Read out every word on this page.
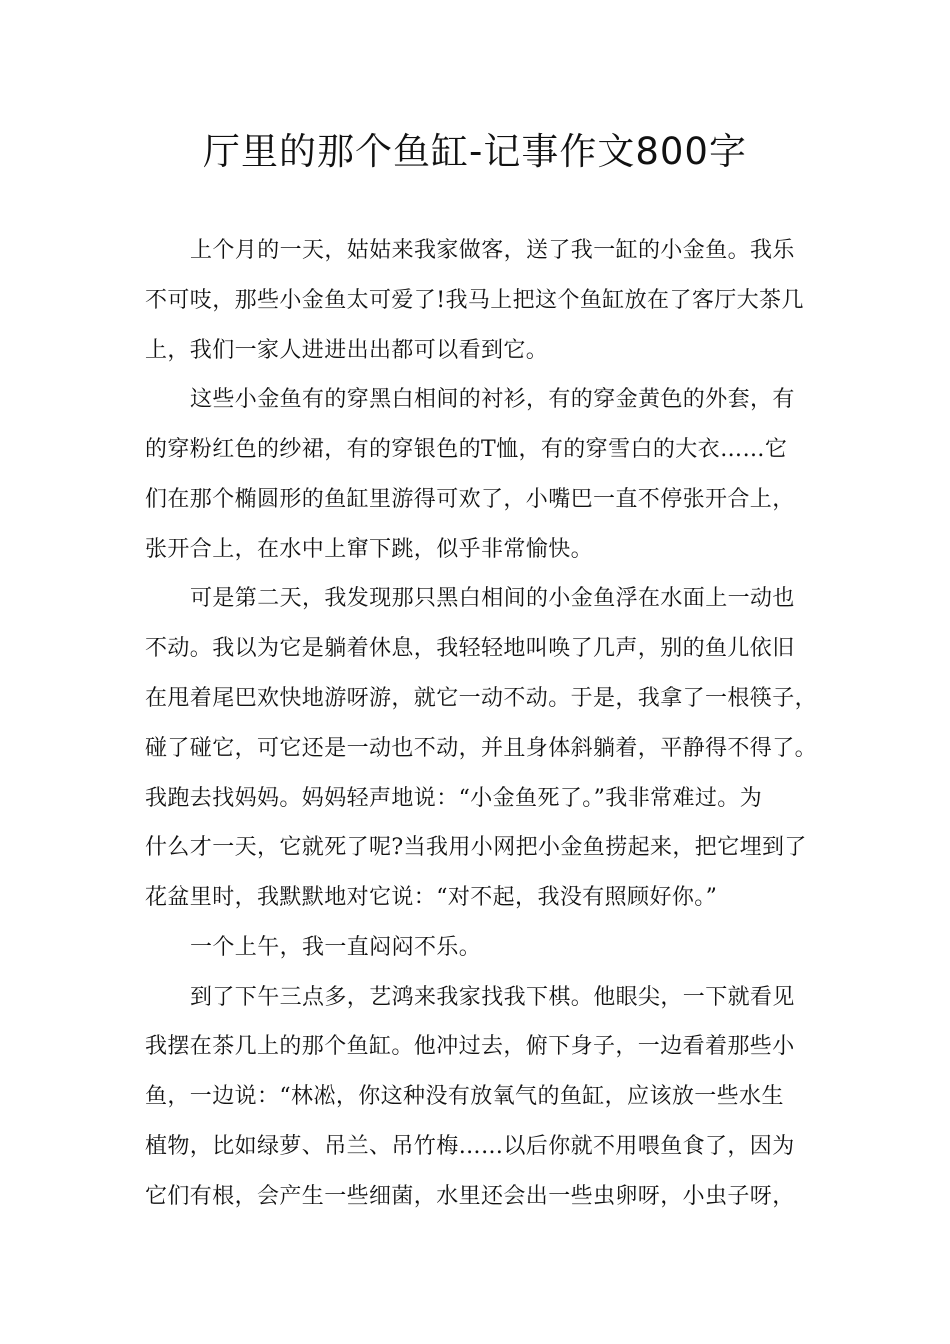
厅里的那个鱼缸-记事作文800字
上个月的一天，姑姑来我家做客，送了我一缸的小金鱼。我乐
不可吱，那些小金鱼太可爱了!我马上把这个鱼缸放在了客厅大茶几
上，我们一家人进进出出都可以看到它。
这些小金鱼有的穿黑白相间的衬衫，有的穿金黄色的外套，有
的穿粉红色的纱裙，有的穿银色的T恤，有的穿雪白的大衣……它
们在那个椭圆形的鱼缸里游得可欢了，小嘴巴一直不停张开合上，
张开合上，在水中上窜下跳，似乎非常愉快。
可是第二天，我发现那只黑白相间的小金鱼浮在水面上一动也
不动。我以为它是躺着休息，我轻轻地叫唤了几声，别的鱼儿依旧
在甩着尾巴欢快地游呀游，就它一动不动。于是，我拿了一根筷子，
碰了碰它，可它还是一动也不动，并且身体斜躺着，平静得不得了。
我跑去找妈妈。妈妈轻声地说：“小金鱼死了。”我非常难过。为
什么才一天，它就死了呢?当我用小网把小金鱼捞起来，把它埋到了
花盆里时，我默默地对它说：“对不起，我没有照顾好你。”
一个上午，我一直闷闷不乐。
到了下午三点多，艺鸿来我家找我下棋。他眼尖，一下就看见
我摆在茶几上的那个鱼缸。他冲过去，俯下身子，一边看着那些小
鱼，一边说：“林凇，你这种没有放氧气的鱼缸，应该放一些水生
植物，比如绿萝、吊兰、吊竹梅……以后你就不用喂鱼食了，因为
它们有根，会产生一些细菌，水里还会出一些虫卵呀，小虫子呀，
